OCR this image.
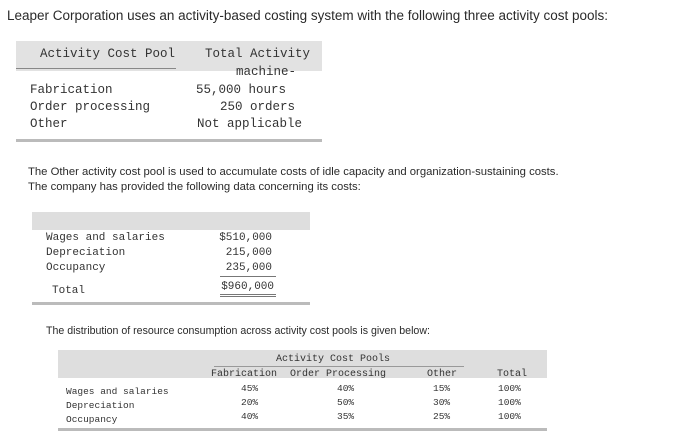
Leaper Corporation uses an activity-based costing system with the following three activity cost pools:
Activity Cost Pool Total Activity
machine-
Fabrication	55,000 hours
Order processing	250 orders
Other	Not applicable
The Other activity cost pool is used to accumulate costs of idle capacity and organization-sustaining costs.
The company has provided the following data concerning its costs:
Wages and salaries	$510,000
Depreciation	215,000
Occupancy	235,000
Total	$960,000
The distribution of resource consumption across activity cost pools is given below:
Activity Cost Pools
Fabrication Order Processing	Other	Total
Wages and salaries	45%	40%	15%	100%
Depreciation	20%	50%	30%	100%
Occupancy	40%	35%	25%	100%
